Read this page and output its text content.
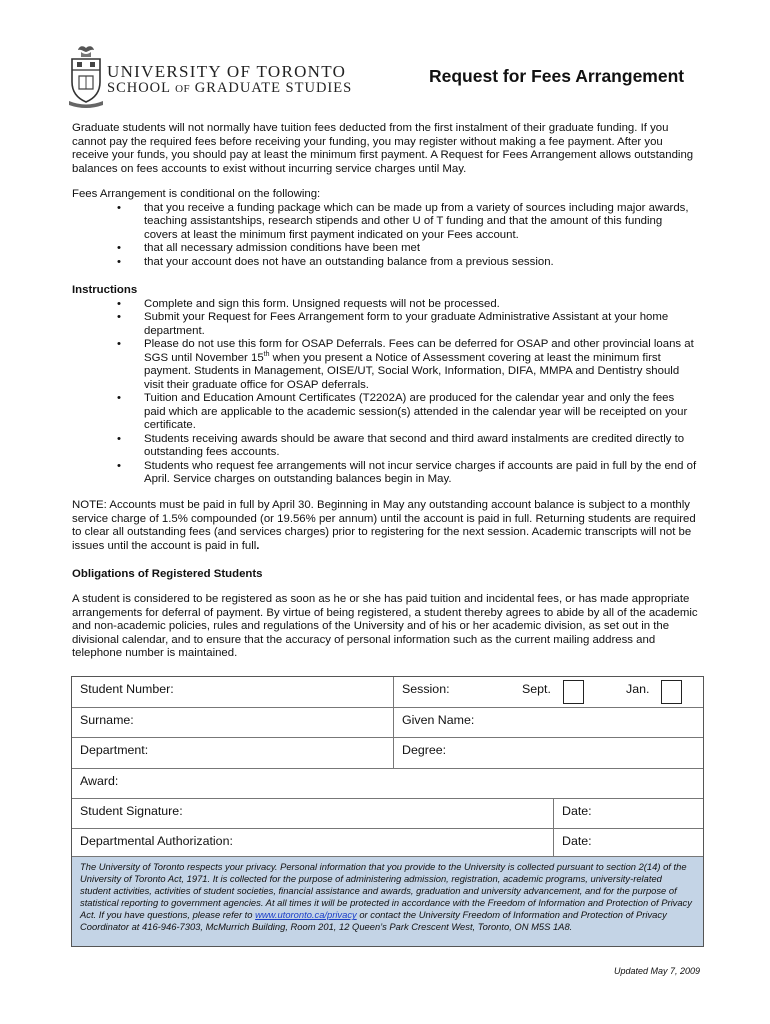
UNIVERSITY OF TORONTO
SCHOOL OF GRADUATE STUDIES
Request for Fees Arrangement

Graduate students will not normally have tuition fees deducted from the first instalment of their graduate funding. If you cannot pay the required fees before receiving your funding, you may register without making a fee payment. After you receive your funds, you should pay at least the minimum first payment. A Request for Fees Arrangement allows outstanding balances on fees accounts to exist without incurring service charges until May.

Fees Arrangement is conditional on the following:

• that you receive a funding package which can be made up from a variety of sources including major awards, teaching assistantships, research stipends and other U of T funding and that the amount of this funding covers at least the minimum first payment indicated on your Fees account.
• that all necessary admission conditions have been met
• that your account does not have an outstanding balance from a previous session.

Instructions

• Complete and sign this form. Unsigned requests will not be processed.
• Submit your Request for Fees Arrangement form to your graduate Administrative Assistant at your home department.
• Please do not use this form for OSAP Deferrals. Fees can be deferred for OSAP and other provincial loans at SGS until November 15th when you present a Notice of Assessment covering at least the minimum first payment. Students in Management, OISE/UT, Social Work, Information, DIFA, MMPA and Dentistry should visit their graduate office for OSAP deferrals.
• Tuition and Education Amount Certificates (T2202A) are produced for the calendar year and only the fees paid which are applicable to the academic session(s) attended in the calendar year will be receipted on your certificate.
• Students receiving awards should be aware that second and third award instalments are credited directly to outstanding fees accounts.
• Students who request fee arrangements will not incur service charges if accounts are paid in full by the end of April. Service charges on outstanding balances begin in May.

NOTE: Accounts must be paid in full by April 30. Beginning in May any outstanding account balance is subject to a monthly service charge of 1.5% compounded (or 19.56% per annum) until the account is paid in full. Returning students are required to clear all outstanding fees (and services charges) prior to registering for the next session. Academic transcripts will not be issues until the account is paid in full.

Obligations of Registered Students

A student is considered to be registered as soon as he or she has paid tuition and incidental fees, or has made appropriate arrangements for deferral of payment. By virtue of being registered, a student thereby agrees to abide by all of the academic and non-academic policies, rules and regulations of the University and of his or her academic division, as set out in the divisional calendar, and to ensure that the accuracy of personal information such as the current mailing address and telephone number is maintained.

Student Number:	Session:	Sept.	Jan.
Surname:	Given Name:
Department:	Degree:
Award:
Student Signature:	Date:
Departmental Authorization:	Date:
The University of Toronto respects your privacy. Personal information that you provide to the University is collected pursuant to section 2(14) of the University of Toronto Act, 1971. It is collected for the purpose of administering admission, registration, academic programs, university-related student activities, activities of student societies, financial assistance and awards, graduation and university advancement, and for the purpose of statistical reporting to government agencies. At all times it will be protected in accordance with the Freedom of Information and Protection of Privacy Act. If you have questions, please refer to www.utoronto.ca/privacy or contact the University Freedom of Information and Protection of Privacy Coordinator at 416-946-7303, McMurrich Building, Room 201, 12 Queen’s Park Crescent West, Toronto, ON M5S 1A8.
Updated May 7, 2009
